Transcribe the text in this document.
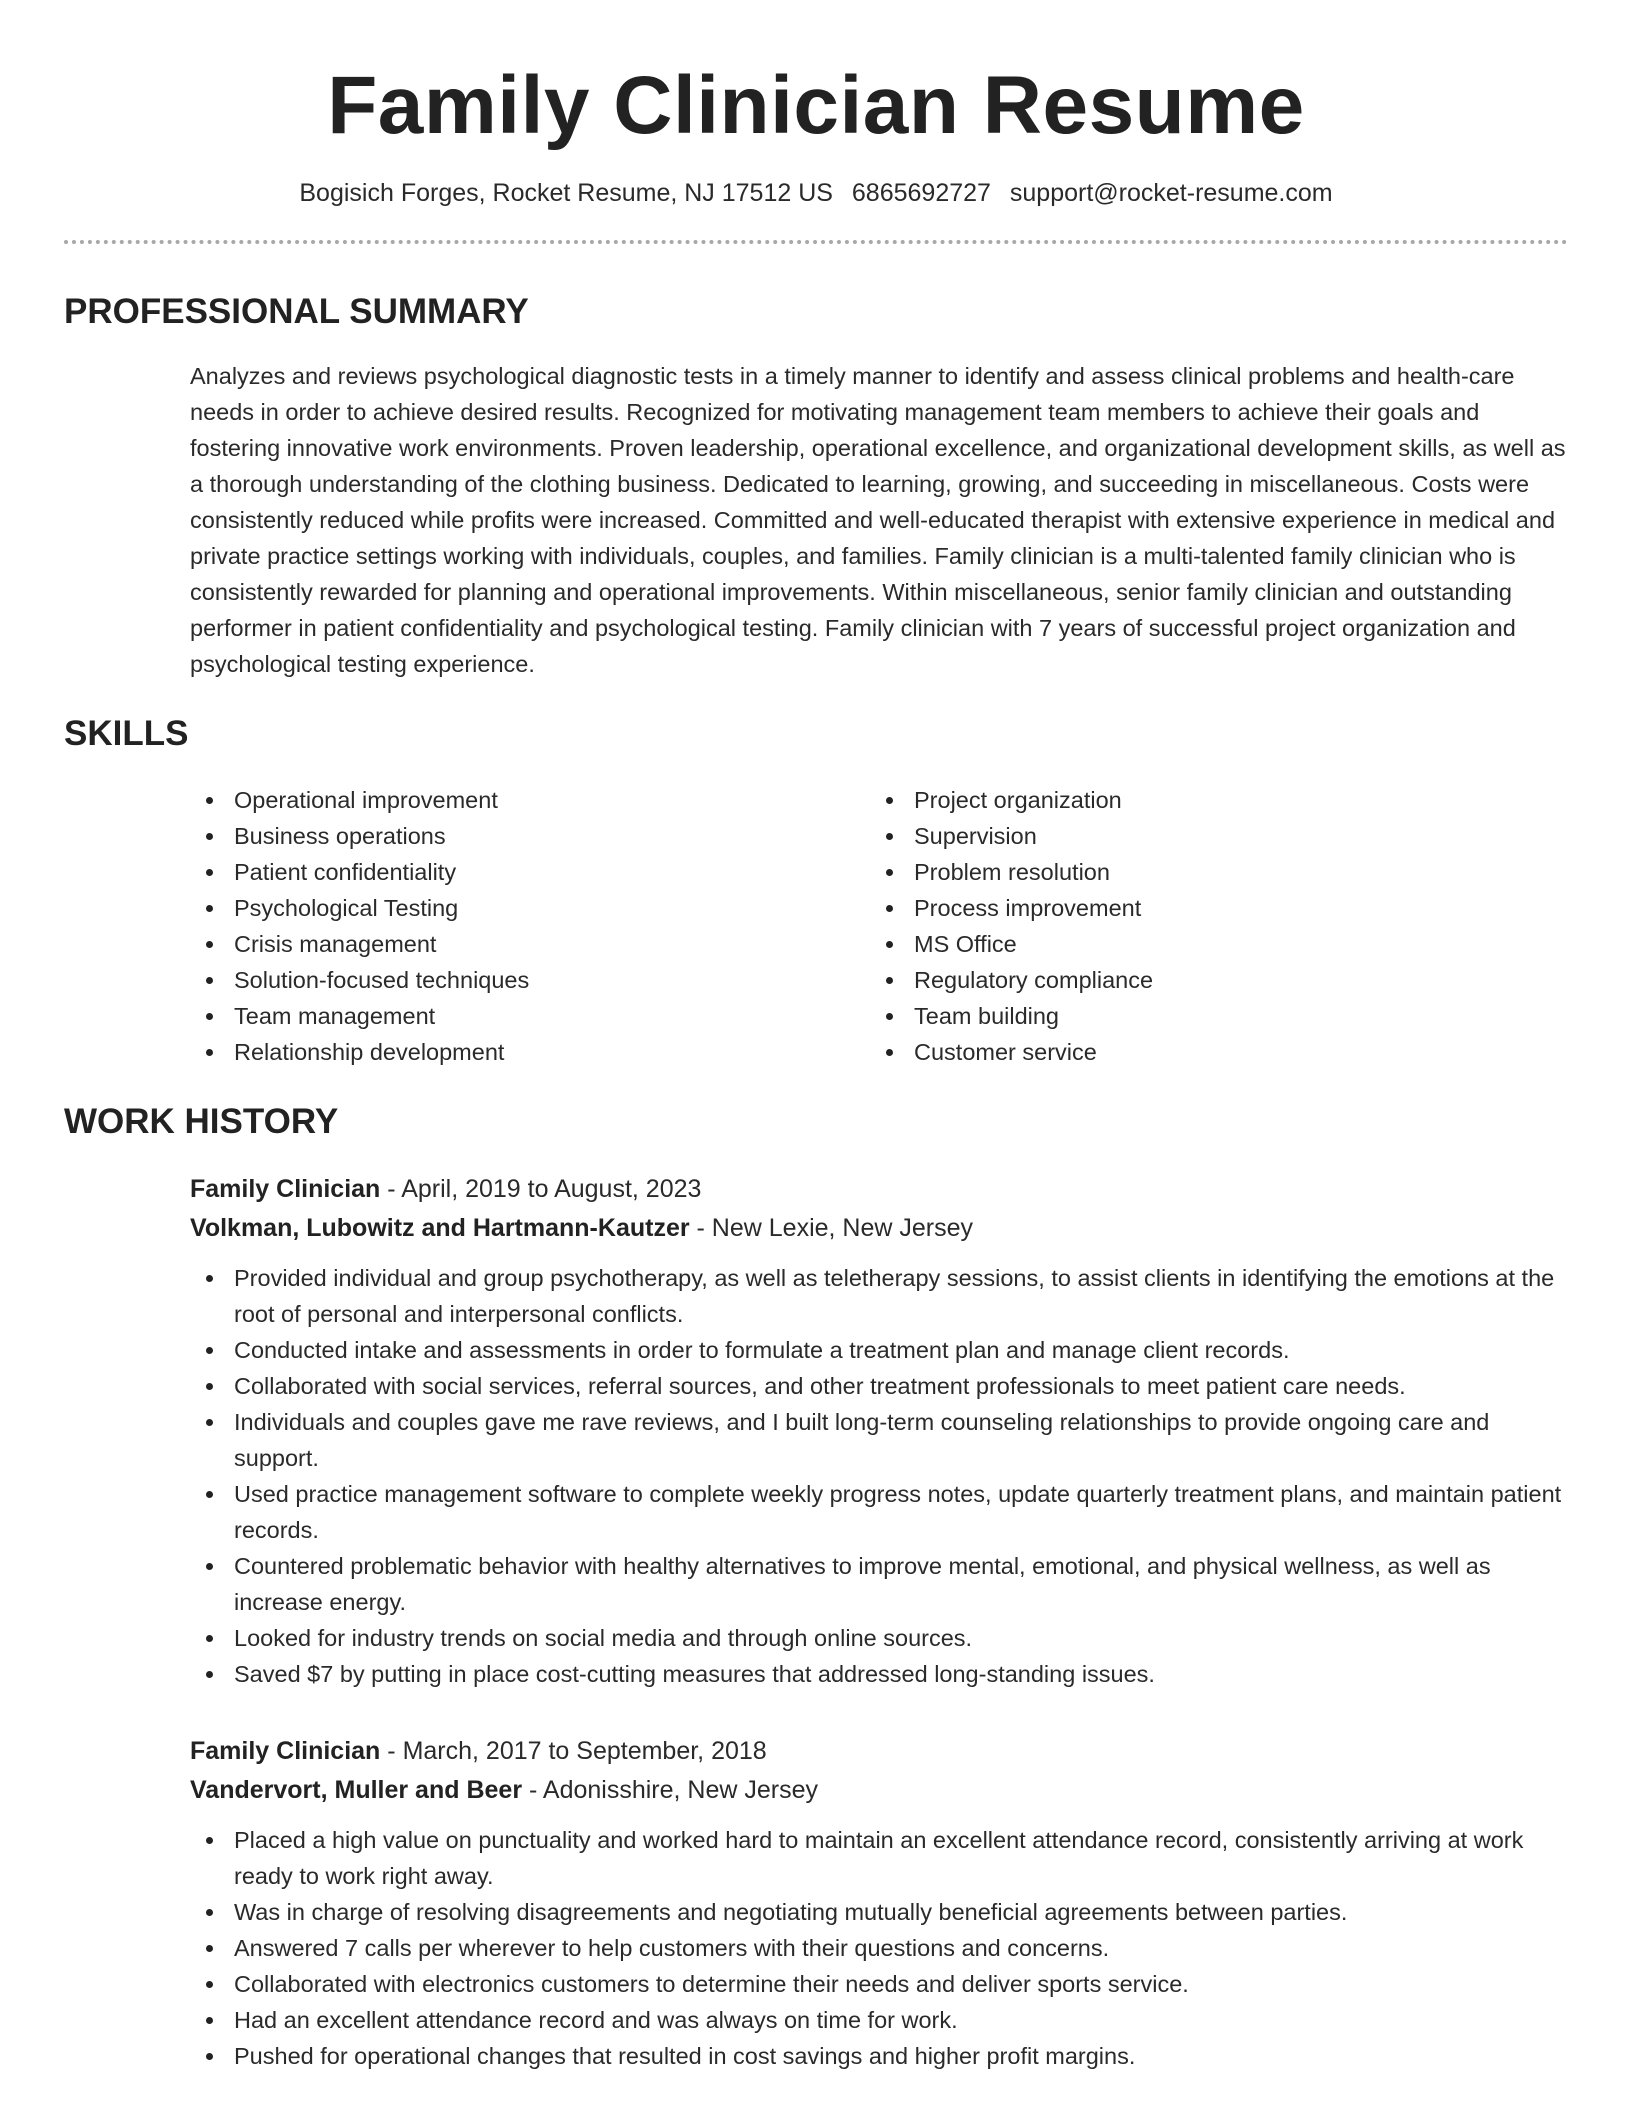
Family Clinician Resume
Bogisich Forges, Rocket Resume, NJ 17512 US 6865692727 support@rocket-resume.com
PROFESSIONAL SUMMARY
Analyzes and reviews psychological diagnostic tests in a timely manner to identify and assess clinical problems and health-care needs in order to achieve desired results. Recognized for motivating management team members to achieve their goals and fostering innovative work environments. Proven leadership, operational excellence, and organizational development skills, as well as a thorough understanding of the clothing business. Dedicated to learning, growing, and succeeding in miscellaneous. Costs were consistently reduced while profits were increased. Committed and well-educated therapist with extensive experience in medical and private practice settings working with individuals, couples, and families. Family clinician is a multi-talented family clinician who is consistently rewarded for planning and operational improvements. Within miscellaneous, senior family clinician and outstanding performer in patient confidentiality and psychological testing. Family clinician with 7 years of successful project organization and psychological testing experience.
SKILLS
Operational improvement
Business operations
Patient confidentiality
Psychological Testing
Crisis management
Solution-focused techniques
Team management
Relationship development
Project organization
Supervision
Problem resolution
Process improvement
MS Office
Regulatory compliance
Team building
Customer service
WORK HISTORY
Family Clinician - April, 2019 to August, 2023
Volkman, Lubowitz and Hartmann-Kautzer - New Lexie, New Jersey
Provided individual and group psychotherapy, as well as teletherapy sessions, to assist clients in identifying the emotions at the root of personal and interpersonal conflicts.
Conducted intake and assessments in order to formulate a treatment plan and manage client records.
Collaborated with social services, referral sources, and other treatment professionals to meet patient care needs.
Individuals and couples gave me rave reviews, and I built long-term counseling relationships to provide ongoing care and support.
Used practice management software to complete weekly progress notes, update quarterly treatment plans, and maintain patient records.
Countered problematic behavior with healthy alternatives to improve mental, emotional, and physical wellness, as well as increase energy.
Looked for industry trends on social media and through online sources.
Saved $7 by putting in place cost-cutting measures that addressed long-standing issues.
Family Clinician - March, 2017 to September, 2018
Vandervort, Muller and Beer - Adonisshire, New Jersey
Placed a high value on punctuality and worked hard to maintain an excellent attendance record, consistently arriving at work ready to work right away.
Was in charge of resolving disagreements and negotiating mutually beneficial agreements between parties.
Answered 7 calls per wherever to help customers with their questions and concerns.
Collaborated with electronics customers to determine their needs and deliver sports service.
Had an excellent attendance record and was always on time for work.
Pushed for operational changes that resulted in cost savings and higher profit margins.
